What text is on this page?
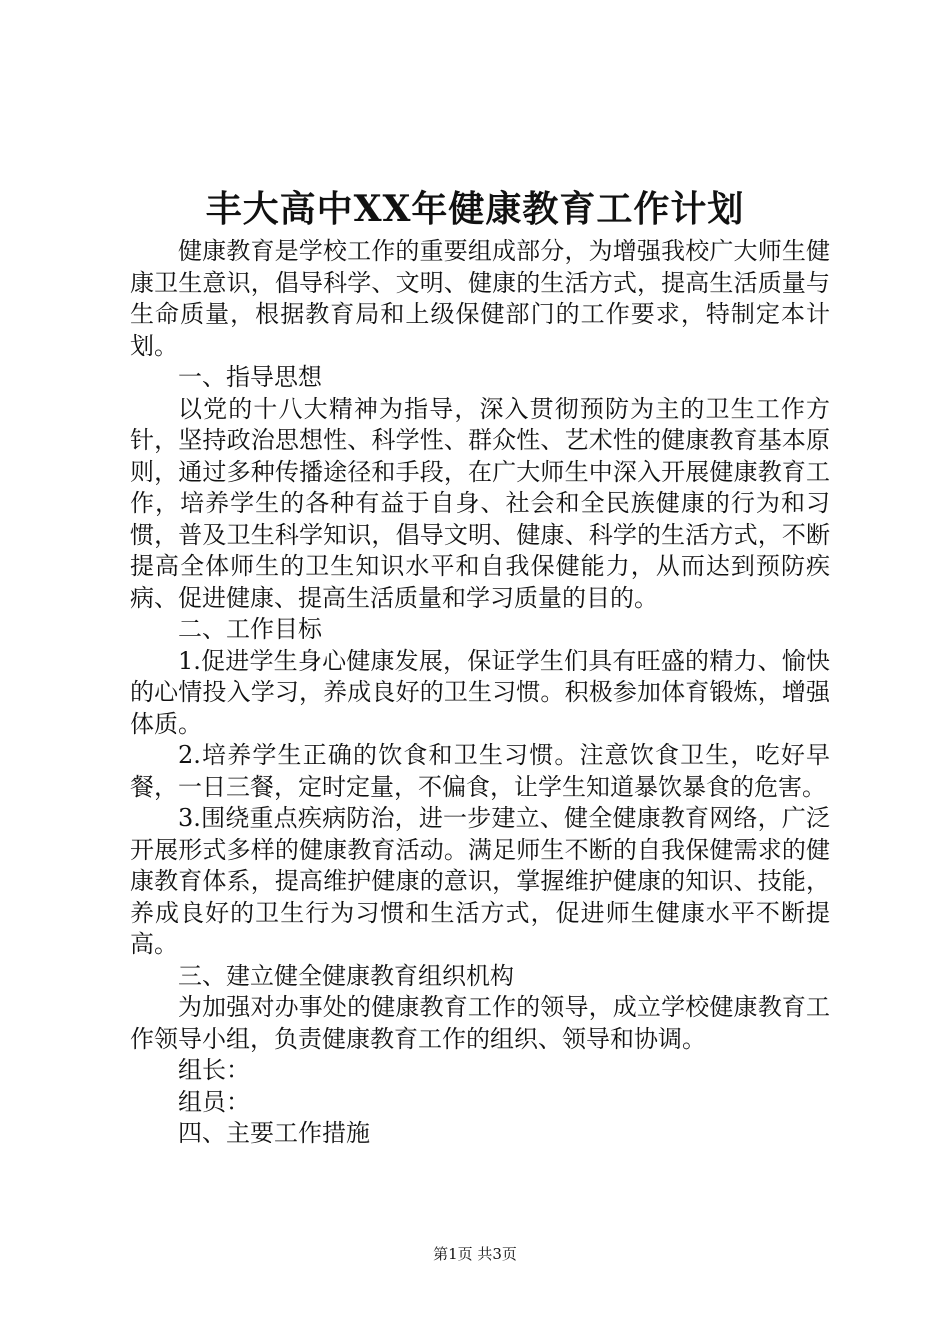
丰大高中XX年健康教育工作计划

健康教育是学校工作的重要组成部分，为增强我校广大师生健康卫生意识，倡导科学、文明、健康的生活方式，提高生活质量与生命质量，根据教育局和上级保健部门的工作要求，特制定本计划。

一、指导思想

以党的十八大精神为指导，深入贯彻预防为主的卫生工作方针，坚持政治思想性、科学性、群众性、艺术性的健康教育基本原则，通过多种传播途径和手段，在广大师生中深入开展健康教育工作，培养学生的各种有益于自身、社会和全民族健康的行为和习惯，普及卫生科学知识，倡导文明、健康、科学的生活方式，不断提高全体师生的卫生知识水平和自我保健能力，从而达到预防疾病、促进健康、提高生活质量和学习质量的目的。

二、工作目标

1.促进学生身心健康发展，保证学生们具有旺盛的精力、愉快的心情投入学习，养成良好的卫生习惯。积极参加体育锻炼，增强体质。

2.培养学生正确的饮食和卫生习惯。注意饮食卫生，吃好早餐，一日三餐，定时定量，不偏食，让学生知道暴饮暴食的危害。

3.围绕重点疾病防治，进一步建立、健全健康教育网络，广泛开展形式多样的健康教育活动。满足师生不断的自我保健需求的健康教育体系，提高维护健康的意识，掌握维护健康的知识、技能，养成良好的卫生行为习惯和生活方式，促进师生健康水平不断提高。

三、建立健全健康教育组织机构

为加强对办事处的健康教育工作的领导，成立学校健康教育工作领导小组，负责健康教育工作的组织、领导和协调。

组长：

组员：

四、主要工作措施

第1页 共3页
